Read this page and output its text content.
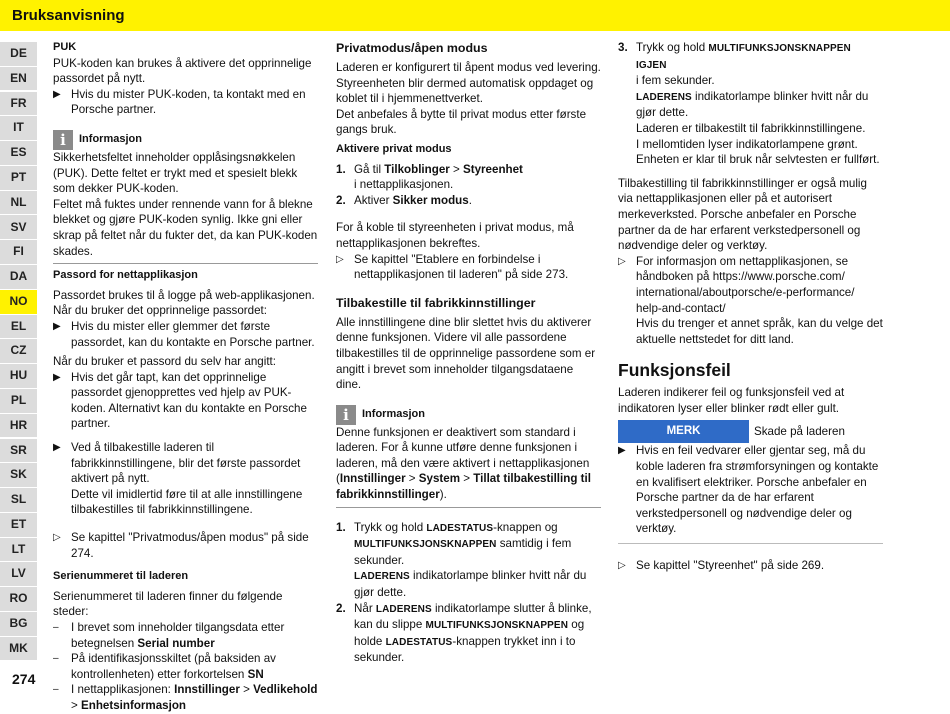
Bruksanvisning
DE
EN
FR
IT
ES
PT
NL
SV
FI
DA
NO
EL
CZ
HU
PL
HR
SR
SK
SL
ET
LT
LV
RO
BG
MK
274

PUK

PUK-koden kan brukes å aktivere det opprinnelige passordet på nytt.

▶ Hvis du mister PUK-koden, ta kontakt med en Porsche partner.
i	Informasjon

Sikkerhetsfeltet inneholder opplåsingsnøkkelen (PUK). Dette feltet er trykt med et spesielt blekk som dekker PUK-koden.

Feltet må fuktes under rennende vann for å blekne blekket og gjøre PUK-koden synlig. Ikke gni eller skrap på feltet når du fukter det, da kan PUK-koden skades.

Passord for nettapplikasjon

Passordet brukes til å logge på web-applikasjonen. Når du bruker det opprinnelige passordet:

▶ Hvis du mister eller glemmer det første passordet, kan du kontakte en Porsche partner.

Når du bruker et passord du selv har angitt:

▶ Hvis det går tapt, kan det opprinnelige passordet gjenopprettes ved hjelp av PUK-koden. Alternativt kan du kontakte en Porsche partner.
▶ Ved å tilbakestille laderen til fabrikkinnstillingene, blir det første passordet aktivert på nytt.
Dette vil imidlertid føre til at alle innstillingene tilbakestilles til fabrikkinnstillingene.
▷ Se kapittel "Privatmodus/åpen modus" på side 274.

Serienummeret til laderen

Serienummeret til laderen finner du følgende steder:

–	I brevet som inneholder tilgangsdata etter betegnelsen Serial number
–	På identifikasjonsskiltet (på baksiden av kontrollenheten) etter forkortelsen SN
–	I nettapplikasjonen: Innstillinger > Vedlikehold > Enhetsinformasjon

Privatmodus/åpen modus

Laderen er konfigurert til åpent modus ved levering. Styreenheten blir dermed automatisk oppdaget og koblet til i hjemmenettverket.

Det anbefales å bytte til privat modus etter første gangs bruk.

Aktivere privat modus

1. Gå til Tilkoblinger > Styreenhet
i nettapplikasjonen.
2. Aktiver Sikker modus.

For å koble til styreenheten i privat modus, må nettapplikasjonen bekreftes.

▷ Se kapittel "Etablere en forbindelse i nettapplikasjonen til laderen" på side 273.

Tilbakestille til fabrikkinnstillinger

Alle innstillingene dine blir slettet hvis du aktiverer denne funksjonen. Videre vil alle passordene tilbakestilles til de opprinnelige passordene som er angitt i brevet som inneholder tilgangsdataene dine.

i	Informasjon

Denne funksjonen er deaktivert som standard i laderen. For å kunne utføre denne funksjonen i laderen, må den være aktivert i nettapplikasjonen (Innstillinger > System > Tillat tilbakestilling til fabrikkinnstillinger).

1. Trykk og hold LADESTATUS-knappen og MULTIFUNKSJONSKNAPPEN samtidig i fem sekunder.
LADERENS indikatorlampe blinker hvitt når du gjør dette.
2. Når LADERENS indikatorlampe slutter å blinke, kan du slippe MULTIFUNKSJONSKNAPPEN og holde LADESTATUS-knappen trykket inn i to sekunder.
3. Trykk og hold MULTIFUNKSJONSKNAPPEN IGJEN
i fem sekunder.
LADERENS indikatorlampe blinker hvitt når du gjør dette.
Laderen er tilbakestilt til fabrikkinnstillingene.
I mellomtiden lyser indikatorlampene grønt.
Enheten er klar til bruk når selvtesten er fullført.

Tilbakestilling til fabrikkinnstillinger er også mulig via nettapplikasjonen eller på et autorisert merkeverksted. Porsche anbefaler en Porsche partner da de har erfarent verkstedpersonell og nødvendige deler og verktøy.

▷ For informasjon om nettapplikasjonen, se håndboken på https://www.porsche.com/ international/aboutporsche/e-performance/ help-and-contact/
Hvis du trenger et annet språk, kan du velge det aktuelle nettstedet for ditt land.

Funksjonsfeil

Laderen indikerer feil og funksjonsfeil ved at indikatoren lyser eller blinker rødt eller gult.

MERK	Skade på laderen
▶ Hvis en feil vedvarer eller gjentar seg, må du koble laderen fra strømforsyningen og kontakte en kvalifisert elektriker. Porsche anbefaler en Porsche partner da de har erfarent verkstedpersonell og nødvendige deler og verktøy.
▷ Se kapittel "Styreenhet" på side 269.
